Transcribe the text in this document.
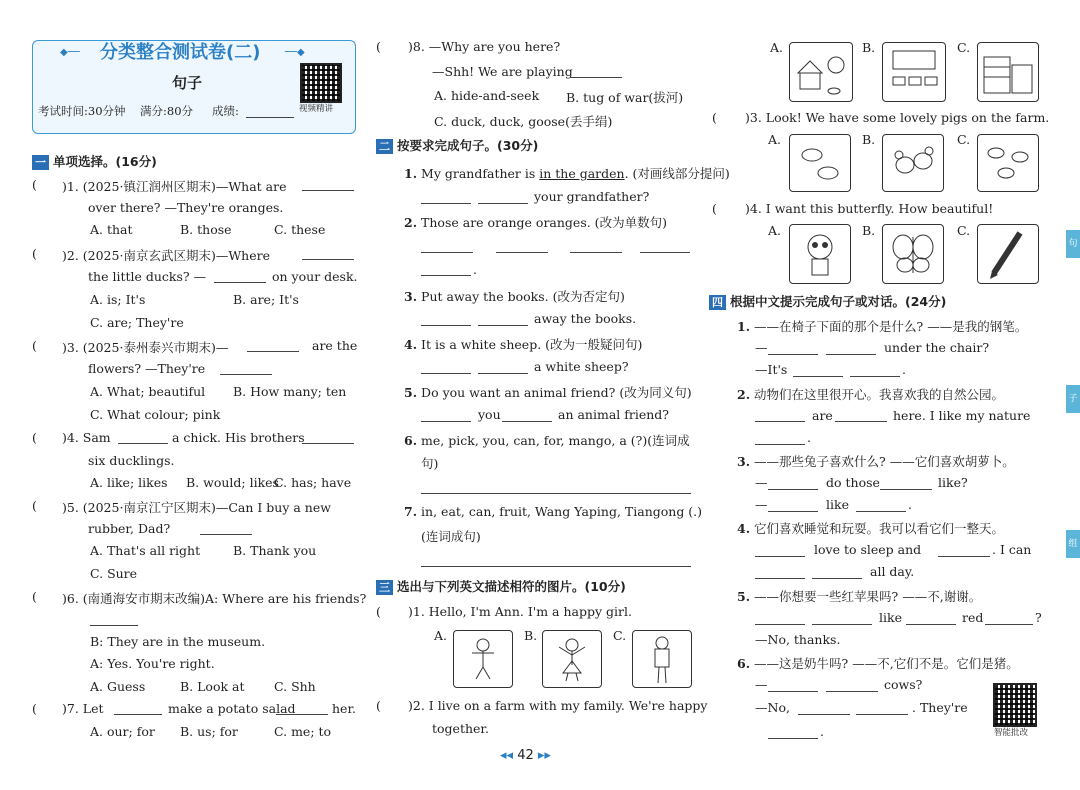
分类整合测试卷(二)
◆──	──◆
句子
考试时间:30分钟 满分:80分 成绩:	视频精讲
一 单项选择。(16分)
( )1. (2025·镇江润州区期末)—What are
over there? —They're oranges.
A. that	B. those	C. these
( )2. (2025·南京玄武区期末)—Where
the little ducks? —	on your desk.
A. is; It's	B. are; It's
C. are; They're
( )3. (2025·泰州泰兴市期末)—	are the
flowers? —They're
A. What; beautiful B. How many; ten
C. What colour; pink
( )4. Sam	a chick. His brothers
six ducklings.
A. like; likes B. would; likes
C. has; have
( )5. (2025·南京江宁区期末)—Can I buy a new
rubber, Dad?
A. That's all right	B. Thank you
C. Sure
( )6. (南通海安市期末改编)A: Where are his friends?
B: They are in the museum.
A: Yes. You're right.
A. Guess	B. Look at C. Shh
( )7. Let	make a potato salad	her.
A. our; for B. us; for	C. me; to
( )8. —Why are you here?
—Shh! We are playing
A. hide-and-seek B. tug of war(拔河)
C. duck, duck, goose(丢手绢)
二 按要求完成句子。(30分)
1. My grandfather is in the garden. (对画线部分提问)
your grandfather?
2. Those are orange oranges. (改为单数句)
.
3. Put away the books. (改为否定句)
away the books.
4. It is a white sheep. (改为一般疑问句)
a white sheep?
5. Do you want an animal friend? (改为同义句)
you	an animal friend?
6. me, pick, you, can, for, mango, a (?)(连词成
句)
7. in, eat, can, fruit, Wang Yaping, Tiangong (.)
(连词成句)
三 选出与下列英文描述相符的图片。(10分)
( )1. Hello, I'm Ann. I'm a happy girl.
A.	B.	C.
( )2. I live on a farm with my family. We're happy
together.
◂◂ 42 ▸▸
A.	B.	C.
( )3. Look! We have some lovely pigs on the farm.
A.	B.	C.
( )4. I want this butterfly. How beautiful!
A.	B.	C.
四 根据中文提示完成句子或对话。(24分)
1. ——在椅子下面的那个是什么? ——是我的钢笔。
—	under the chair?
—It's	.
2. 动物们在这里很开心。我喜欢我的自然公园。
are	here. I like my nature
.
3. ——那些兔子喜欢什么? ——它们喜欢胡萝卜。
—	do those	like?
—	like	.
4. 它们喜欢睡觉和玩耍。我可以看它们一整天。
love to sleep and	. I can
all day.
5. ——你想要一些红苹果吗? ——不,谢谢。
like	red	?
—No, thanks.
6. ——这是奶牛吗? ——不,它们不是。它们是猪。
—	cows?
—No,	. They're
.	智能批改
句
子
组
